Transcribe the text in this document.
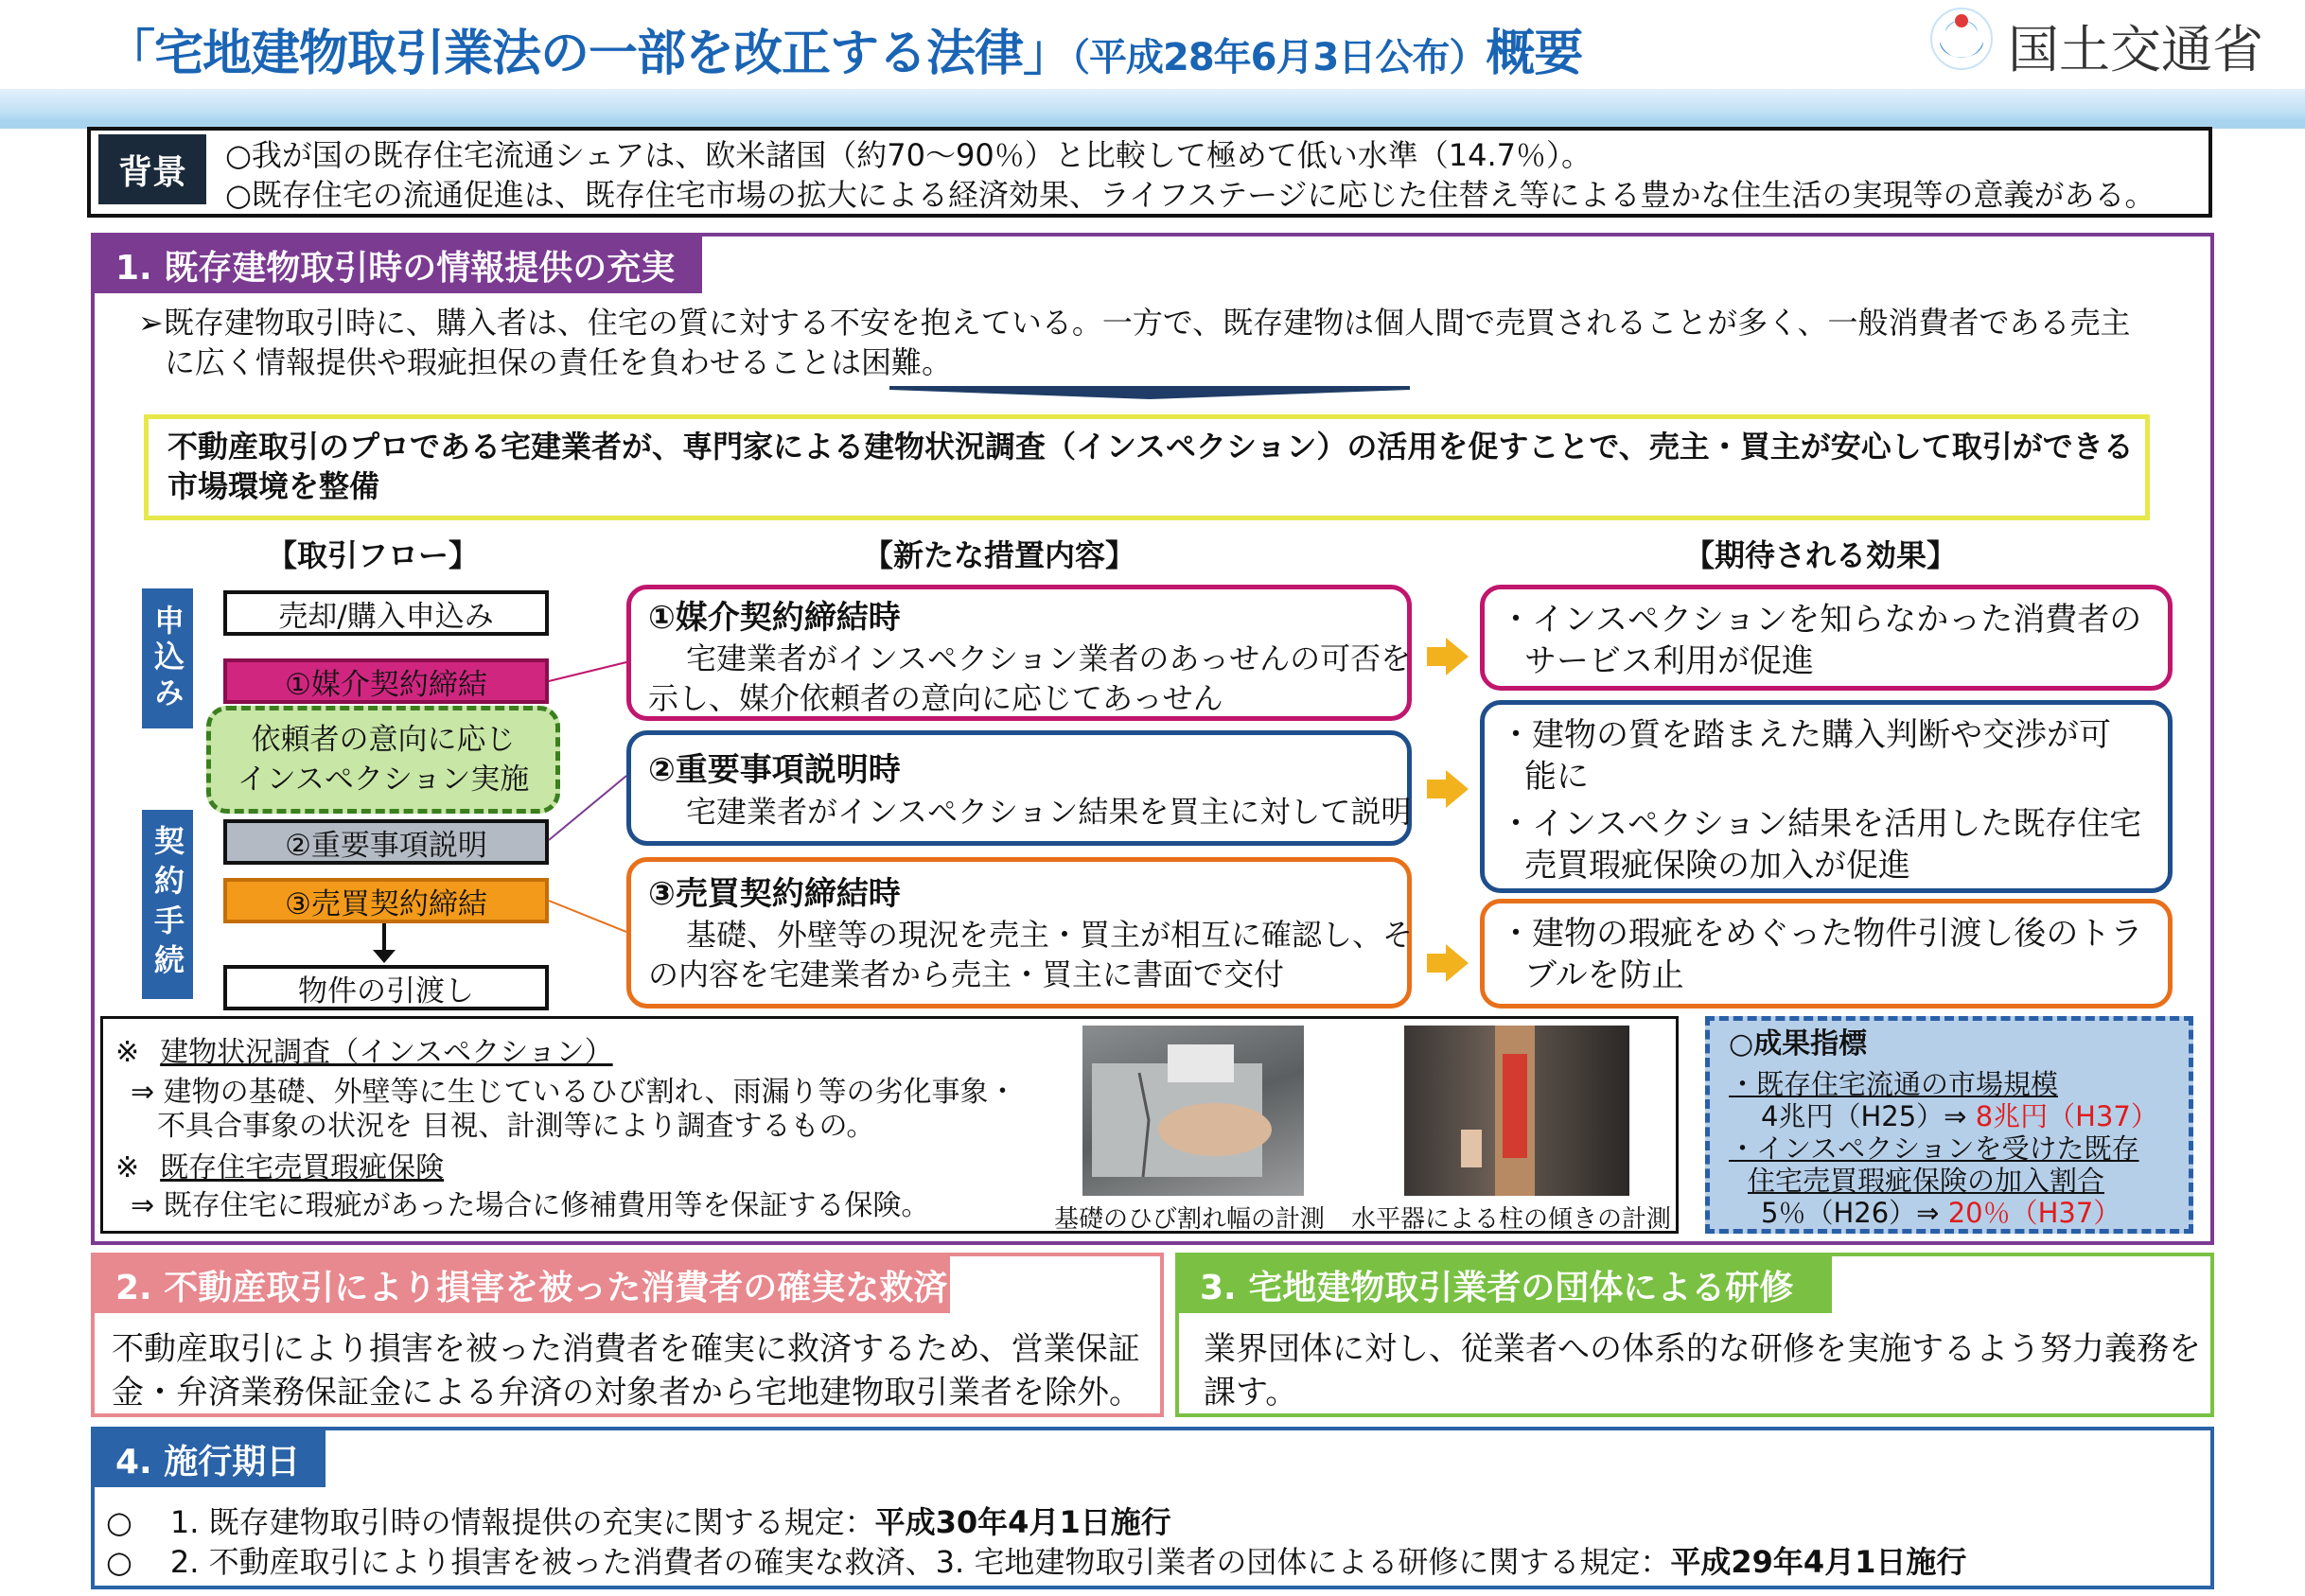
「宅地建物取引業法の一部を改正する法律」（平成28年6月3日公布）概要	国土交通省
背景	○我が国の既存住宅流通シェアは、欧米諸国（約70～90％）と比較して極めて低い水準（14.7％）。
○既存住宅の流通促進は、既存住宅市場の拡大による経済効果、ライフステージに応じた住替え等による豊かな住生活の実現等の意義がある。
1. 既存建物取引時の情報提供の充実
➢既存建物取引時に、購入者は、住宅の質に対する不安を抱えている。一方で、既存建物は個人間で売買されることが多く、一般消費者である売主
に広く情報提供や瑕疵担保の責任を負わせることは困難。
不動産取引のプロである宅建業者が、専門家による建物状況調査（インスペクション）の活用を促すことで、売主・買主が安心して取引ができる
市場環境を整備
【取引フロー】	【新たな措置内容】	【期待される効果】
申込み
契約手続
売却/購入申込み
①媒介契約締結
依頼者の意向に応じ
インスペクション実施
②重要事項説明
③売買契約締結
物件の引渡し
①媒介契約締結時
宅建業者がインスペクション業者のあっせんの可否を
示し、媒介依頼者の意向に応じてあっせん
②重要事項説明時
宅建業者がインスペクション結果を買主に対して説明
③売買契約締結時
基礎、外壁等の現況を売主・買主が相互に確認し、そ
の内容を宅建業者から売主・買主に書面で交付
・インスペクションを知らなかった消費者の
サービス利用が促進
・建物の質を踏まえた購入判断や交渉が可
能に
・インスペクション結果を活用した既存住宅
売買瑕疵保険の加入が促進
・建物の瑕疵をめぐった物件引渡し後のトラ
ブルを防止
※ 建物状況調査（インスペクション）
⇒ 建物の基礎、外壁等に生じているひび割れ、雨漏り等の劣化事象・
不具合事象の状況を 目視、計測等により調査するもの。
※ 既存住宅売買瑕疵保険
⇒ 既存住宅に瑕疵があった場合に修補費用等を保証する保険。	基礎のひび割れ幅の計測 水平器による柱の傾きの計測
○成果指標
・既存住宅流通の市場規模
4兆円（H25）⇒ 8兆円（H37）
・インスペクションを受けた既存
住宅売買瑕疵保険の加入割合
5％（H26）⇒ 20％（H37）
2. 不動産取引により損害を被った消費者の確実な救済
不動産取引により損害を被った消費者を確実に救済するため、営業保証
金・弁済業務保証金による弁済の対象者から宅地建物取引業者を除外。
3. 宅地建物取引業者の団体による研修
業界団体に対し、従業者への体系的な研修を実施するよう努力義務を
課す。
4. 施行期日
○ 1. 既存建物取引時の情報提供の充実に関する規定：平成30年4月1日施行
○ 2. 不動産取引により損害を被った消費者の確実な救済、3. 宅地建物取引業者の団体による研修に関する規定：平成29年4月1日施行
